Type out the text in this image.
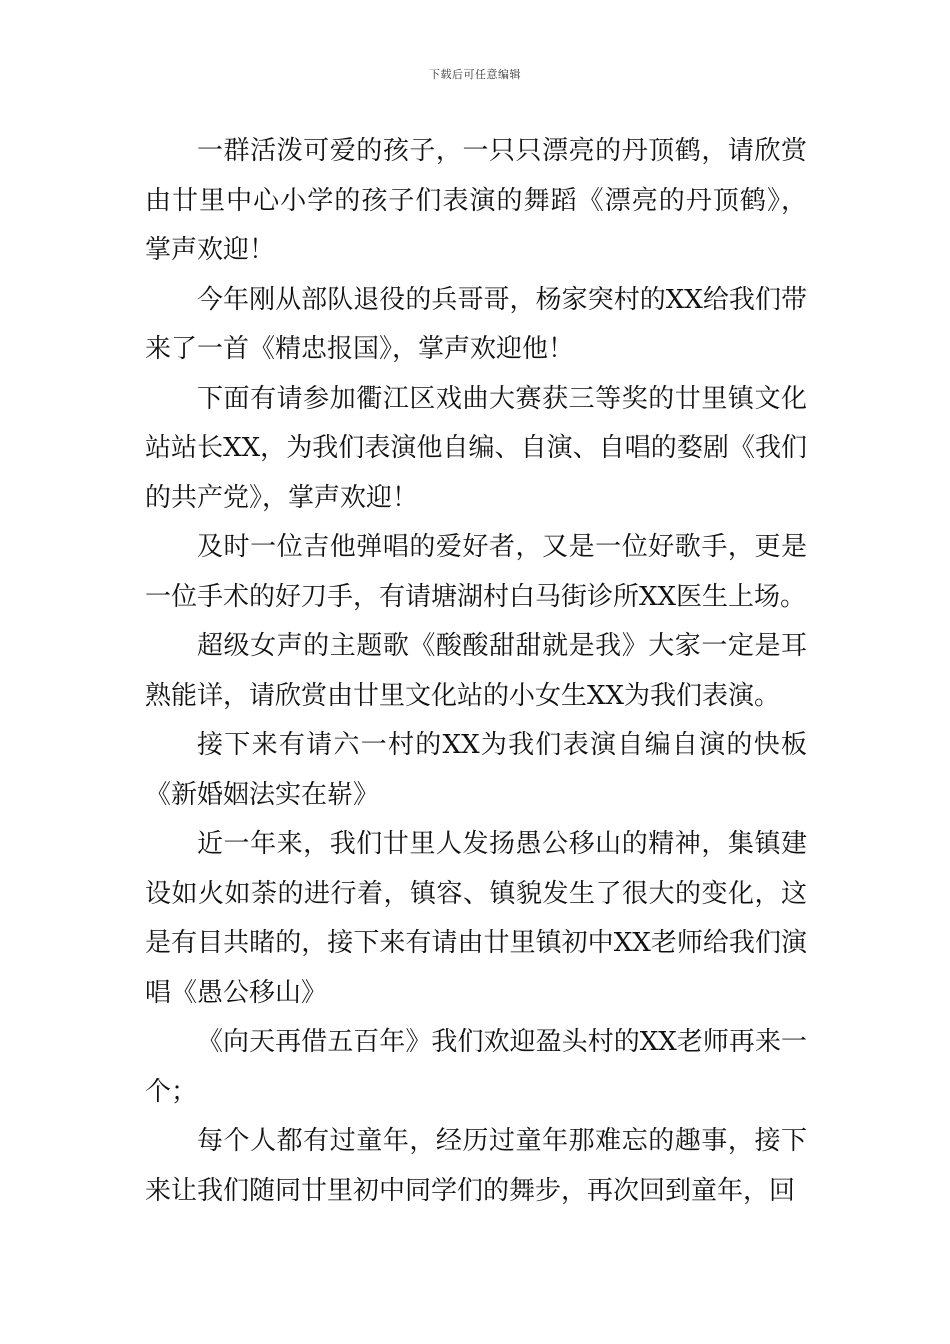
下载后可任意编辑

一群活泼可爱的孩子，一只只漂亮的丹顶鹤，请欣赏由廿里中心小学的孩子们表演的舞蹈《漂亮的丹顶鹤》，掌声欢迎！

今年刚从部队退役的兵哥哥，杨家突村的XX给我们带来了一首《精忠报国》，掌声欢迎他！

下面有请参加衢江区戏曲大赛获三等奖的廿里镇文化站站长XX，为我们表演他自编、自演、自唱的婺剧《我们的共产党》，掌声欢迎！

及时一位吉他弹唱的爱好者，又是一位好歌手，更是一位手术的好刀手，有请塘湖村白马街诊所XX医生上场。

超级女声的主题歌《酸酸甜甜就是我》大家一定是耳熟能详，请欣赏由廿里文化站的小女生XX为我们表演。

接下来有请六一村的XX为我们表演自编自演的快板《新婚姻法实在崭》

近一年来，我们廿里人发扬愚公移山的精神，集镇建设如火如荼的进行着，镇容、镇貌发生了很大的变化，这是有目共睹的，接下来有请由廿里镇初中XX老师给我们演唱《愚公移山》

《向天再借五百年》我们欢迎盈头村的XX老师再来一个；

每个人都有过童年，经历过童年那难忘的趣事，接下来让我们随同廿里初中同学们的舞步，再次回到童年，回
